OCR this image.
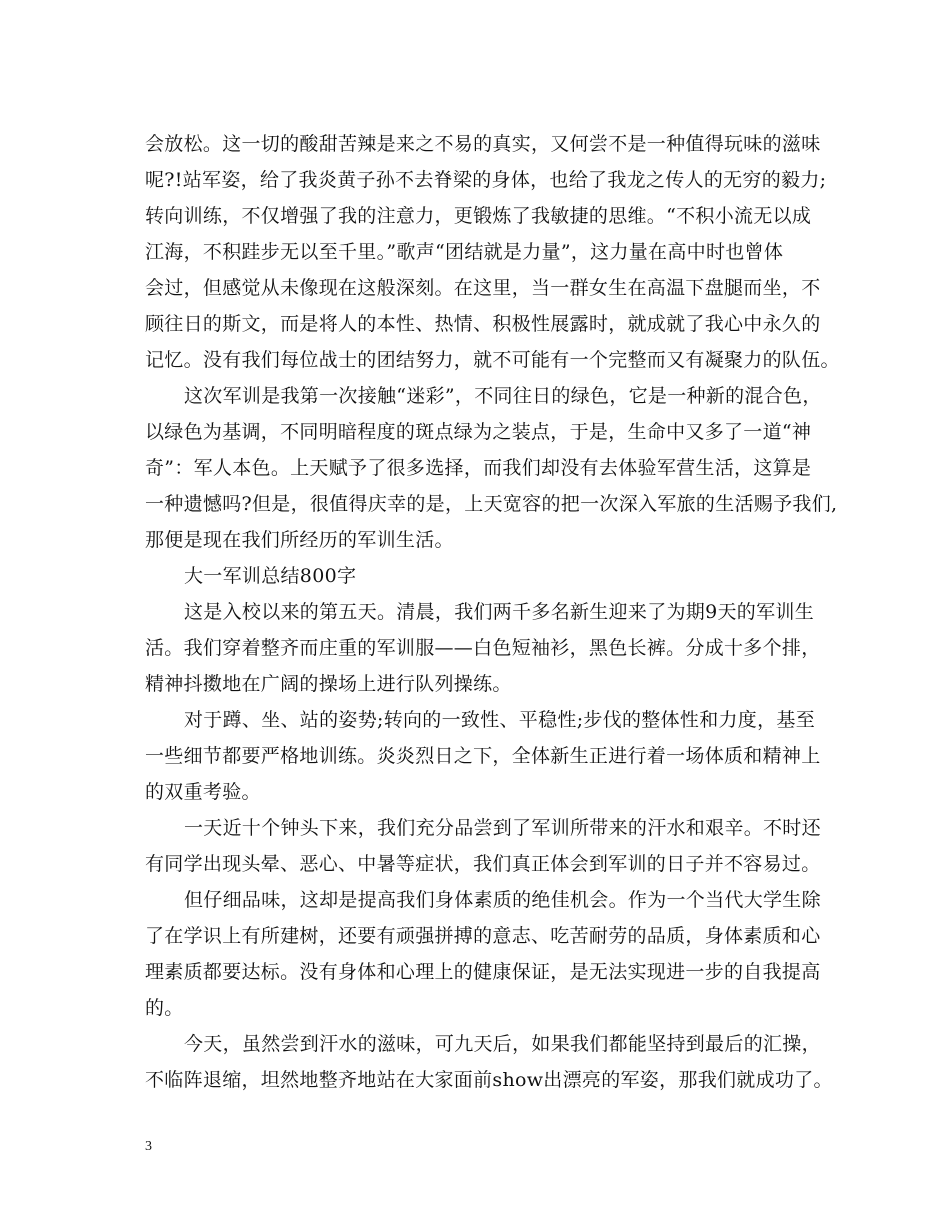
会放松。这一切的酸甜苦辣是来之不易的真实，又何尝不是一种值得玩味的滋味
呢?!站军姿，给了我炎黄子孙不去脊梁的身体，也给了我龙之传人的无穷的毅力;
转向训练，不仅增强了我的注意力，更锻炼了我敏捷的思维。“不积小流无以成
江海，不积跬步无以至千里。”歌声“团结就是力量”，这力量在高中时也曾体
会过，但感觉从未像现在这般深刻。在这里，当一群女生在高温下盘腿而坐，不
顾往日的斯文，而是将人的本性、热情、积极性展露时，就成就了我心中永久的
记忆。没有我们每位战士的团结努力，就不可能有一个完整而又有凝聚力的队伍。
这次军训是我第一次接触“迷彩”，不同往日的绿色，它是一种新的混合色，
以绿色为基调，不同明暗程度的斑点绿为之装点，于是，生命中又多了一道“神
奇”：军人本色。上天赋予了很多选择，而我们却没有去体验军营生活，这算是
一种遗憾吗?但是，很值得庆幸的是，上天宽容的把一次深入军旅的生活赐予我们,
那便是现在我们所经历的军训生活。
大一军训总结800字
这是入校以来的第五天。清晨，我们两千多名新生迎来了为期9天的军训生
活。我们穿着整齐而庄重的军训服——白色短袖衫，黑色长裤。分成十多个排，
精神抖擞地在广阔的操场上进行队列操练。
对于蹲、坐、站的姿势;转向的一致性、平稳性;步伐的整体性和力度，基至
一些细节都要严格地训练。炎炎烈日之下，全体新生正进行着一场体质和精神上
的双重考验。
一天近十个钟头下来，我们充分品尝到了军训所带来的汗水和艰辛。不时还
有同学出现头晕、恶心、中暑等症状，我们真正体会到军训的日子并不容易过。
但仔细品味，这却是提高我们身体素质的绝佳机会。作为一个当代大学生除
了在学识上有所建树，还要有顽强拼搏的意志、吃苦耐劳的品质，身体素质和心
理素质都要达标。没有身体和心理上的健康保证，是无法实现进一步的自我提高
的。
今天，虽然尝到汗水的滋味，可九天后，如果我们都能坚持到最后的汇操，
不临阵退缩，坦然地整齐地站在大家面前show出漂亮的军姿，那我们就成功了。
3
